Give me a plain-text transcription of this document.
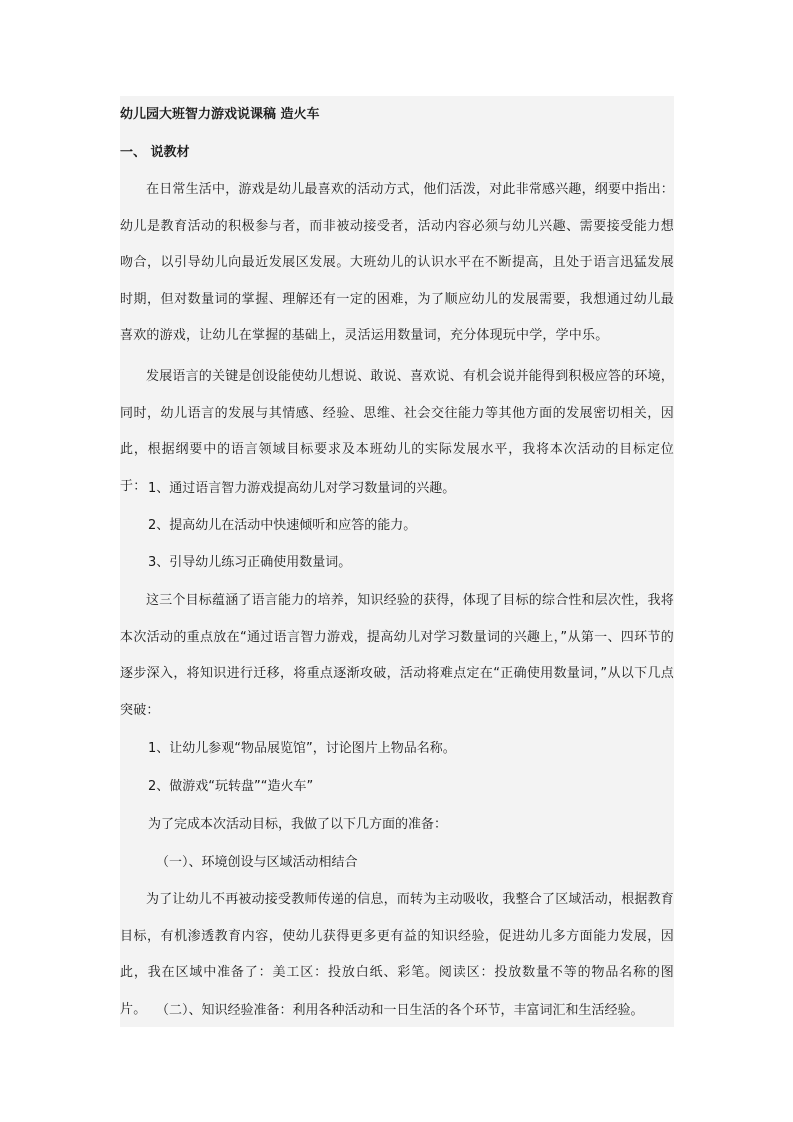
幼儿园大班智力游戏说课稿 造火车
一、 说教材

在日常生活中，游戏是幼儿最喜欢的活动方式，他们活泼，对此非常感兴趣，纲要中指出：幼儿是教育活动的积极参与者，而非被动接受者，活动内容必须与幼儿兴趣、需要接受能力想吻合，以引导幼儿向最近发展区发展。大班幼儿的认识水平在不断提高，且处于语言迅猛发展时期，但对数量词的掌握、理解还有一定的困难，为了顺应幼儿的发展需要，我想通过幼儿最喜欢的游戏，让幼儿在掌握的基础上，灵活运用数量词，充分体现玩中学，学中乐。

发展语言的关键是创设能使幼儿想说、敢说、喜欢说、有机会说并能得到积极应答的环境，同时，幼儿语言的发展与其情感、经验、思维、社会交往能力等其他方面的发展密切相关，因此，根据纲要中的语言领域目标要求及本班幼儿的实际发展水平，我将本次活动的目标定位于： 1、通过语言智力游戏提高幼儿对学习数量词的兴趣。
2、提高幼儿在活动中快速倾听和应答的能力。
3、引导幼儿练习正确使用数量词。

这三个目标蕴涵了语言能力的培养，知识经验的获得，体现了目标的综合性和层次性，我将本次活动的重点放在“通过语言智力游戏，提高幼儿对学习数量词的兴趣上，”从第一、四环节的逐步深入，将知识进行迁移，将重点逐渐攻破，活动将难点定在“正确使用数量词，”从以下几点突破：

1、让幼儿参观“物品展览馆”，讨论图片上物品名称。
2、做游戏“玩转盘”“造火车”
为了完成本次活动目标，我做了以下几方面的准备：
（一）、环境创设与区域活动相结合

为了让幼儿不再被动接受教师传递的信息，而转为主动吸收，我整合了区域活动，根据教育目标，有机渗透教育内容，使幼儿获得更多更有益的知识经验，促进幼儿多方面能力发展，因此，我在区域中准备了：美工区：投放白纸、彩笔。阅读区：投放数量不等的物品名称的图片。 （二）、知识经验准备：利用各种活动和一日生活的各个环节，丰富词汇和生活经验。
